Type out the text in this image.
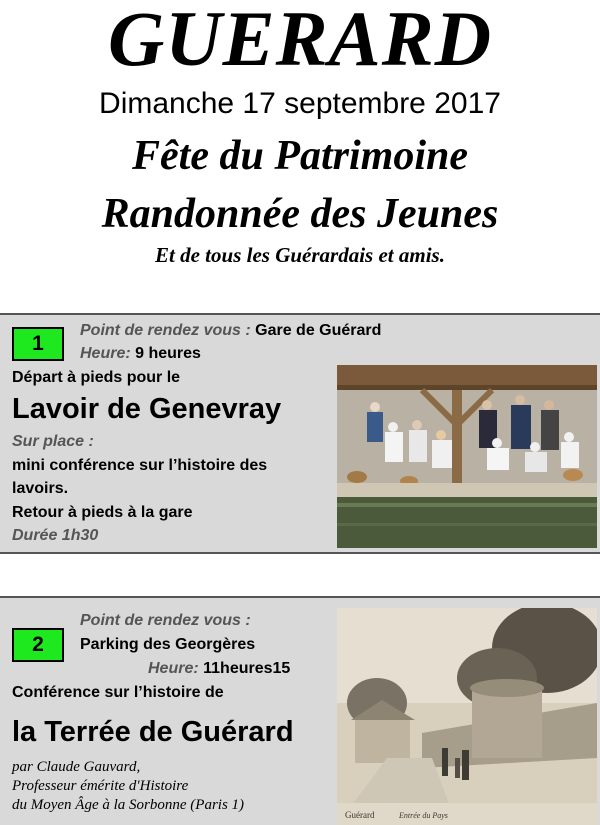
GUERARD
Dimanche 17 septembre 2017
Fête du Patrimoine
Randonnée des Jeunes
Et de tous les Guérardais et amis.
1
Point de rendez vous : Gare de Guérard
Heure: 9 heures
Départ à pieds pour le
Lavoir de Genevray
Sur place :
mini conférence sur l’histoire des
lavoirs.
Retour à pieds à la gare
Durée 1h30
Point de rendez vous :
2	Parking des Georgères
Heure: 11heures15
Conférence sur l’histoire de
la Terrée de Guérard
par Claude Gauvard,
Professeur émérite d'Histoire
du Moyen Âge à la Sorbonne (Paris 1)
Guérard	Entrée du Pays
